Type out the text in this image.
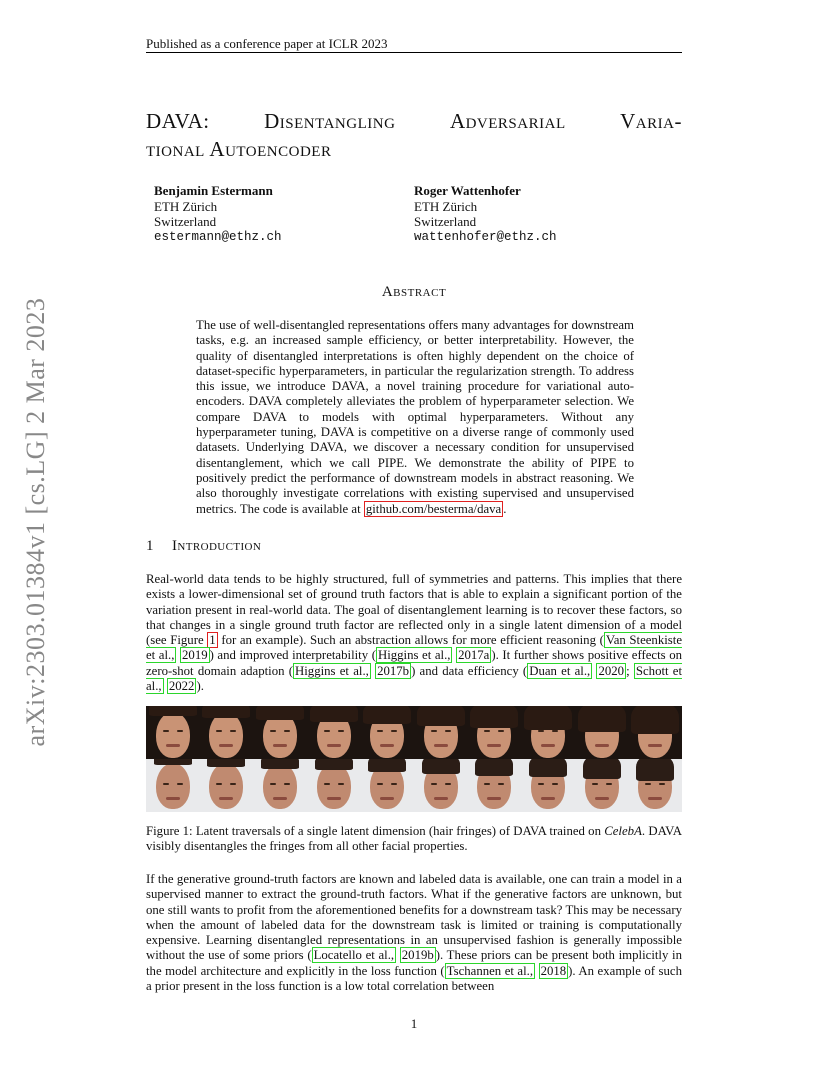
Published as a conference paper at ICLR 2023
arXiv:2303.01384v1 [cs.LG] 2 Mar 2023
DAVA:	Disentangling	Adversarial	Varia-
tional Autoencoder
Benjamin Estermann
ETH Zürich
Switzerland
estermann@ethz.ch
Roger Wattenhofer
ETH Zürich
Switzerland
wattenhofer@ethz.ch
Abstract
The use of well-disentangled representations offers many advantages for downstream tasks, e.g. an increased sample efficiency, or better interpretability. However, the quality of disentangled interpretations is often highly dependent on the choice of dataset-specific hyperparameters, in particular the regularization strength. To address this issue, we introduce DAVA, a novel training procedure for variational auto-encoders. DAVA completely alleviates the problem of hyperparameter selection. We compare DAVA to models with optimal hyperparameters. Without any hyperparameter tuning, DAVA is competitive on a diverse range of commonly used datasets. Underlying DAVA, we discover a necessary condition for unsupervised disentanglement, which we call PIPE. We demonstrate the ability of PIPE to positively predict the performance of downstream models in abstract reasoning. We also thoroughly investigate correlations with existing supervised and unsupervised metrics. The code is available at github.com/besterma/dava .
1 Introduction
Real-world data tends to be highly structured, full of symmetries and patterns. This implies that there exists a lower-dimensional set of ground truth factors that is able to explain a significant portion of the variation present in real-world data. The goal of disentanglement learning is to recover these factors, so that changes in a single ground truth factor are reflected only in a single latent dimension of a model (see Figure 1 for an example). Such an abstraction allows for more efficient reasoning ( Van Steenkiste et al., 2019 ) and improved interpretability ( Higgins et al., 2017a ). It further shows positive effects on zero-shot domain adaption ( Higgins et al., 2017b ) and data efficiency ( Duan et al., 2020 ; Schott et al., 2022 ).
Figure 1: Latent traversals of a single latent dimension (hair fringes) of DAVA trained on CelebA. DAVA visibly disentangles the fringes from all other facial properties.
If the generative ground-truth factors are known and labeled data is available, one can train a model in a supervised manner to extract the ground-truth factors. What if the generative factors are unknown, but one still wants to profit from the aforementioned benefits for a downstream task? This may be necessary when the amount of labeled data for the downstream task is limited or training is computationally expensive. Learning disentangled representations in an unsupervised fashion is generally impossible without the use of some priors ( Locatello et al., 2019b ). These priors can be present both implicitly in the model architecture and explicitly in the loss function ( Tschannen et al., 2018 ). An example of such a prior present in the loss function is a low total correlation between
1
